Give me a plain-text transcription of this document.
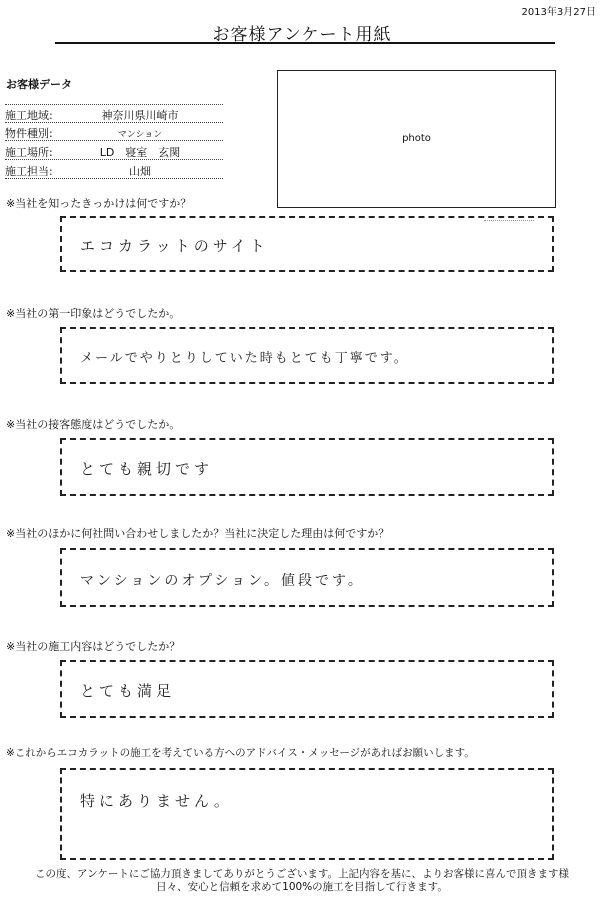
2013年3月27日
お客様アンケート用紙
お客様データ
施工地域:	神奈川県川崎市
物件種別:	マンション
施工場所:	LD　寝室　玄関
施工担当:	山畑
photo
※当社を知ったきっかけは何ですか？
エコカラットのサイト
※当社の第一印象はどうでしたか。
メールでやりとりしていた時もとても丁寧です。
※当社の接客態度はどうでしたか。
とても親切です
※当社のほかに何社問い合わせしましたか？当社に決定した理由は何ですか？
マンションのオプション。値段です。
※当社の施工内容はどうでしたか？
とても満足
※これからエコカラットの施工を考えている方へのアドバイス・メッセージがあればお願いします。
特にありません。
この度、アンケートにご協力頂きましてありがとうございます。上記内容を基に、よりお客様に喜んで頂きます様
日々、安心と信頼を求めて100%の施工を目指して行きます。
